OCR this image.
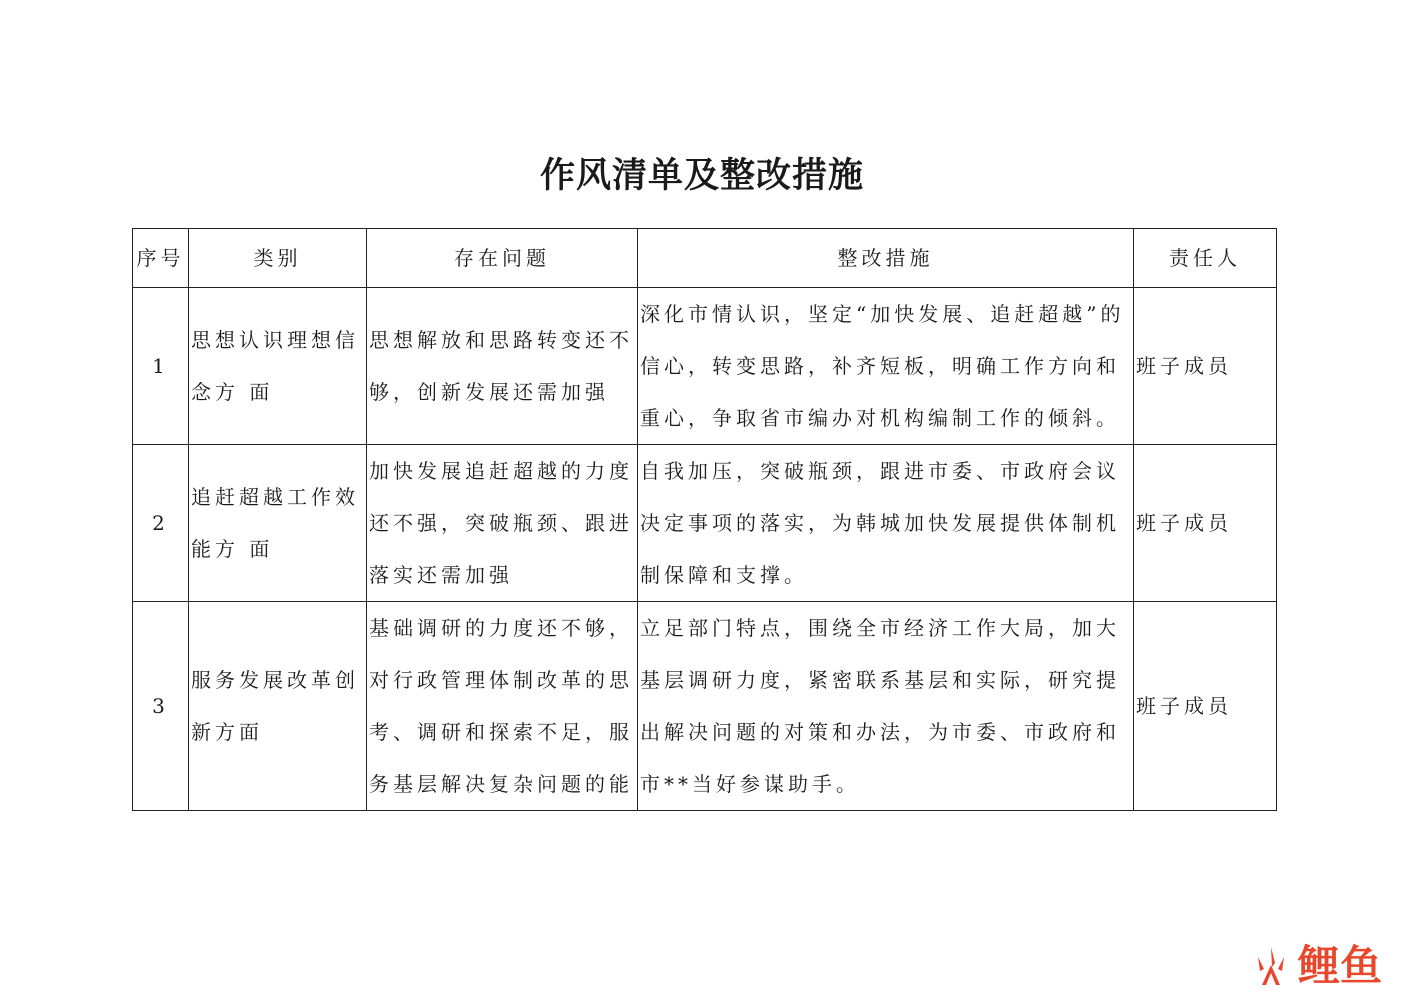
作风清单及整改措施
序号	类别	存在问题	整改措施	责任人
1	思想认识理想信念方 面	思想解放和思路转变还不够，创新发展还需加强	深化市情认识，坚定“加快发展、追赶超越”的信心，转变思路，补齐短板，明确工作方向和重心，争取省市编办对机构编制工作的倾斜。	班子成员
2	追赶超越工作效能方 面	加快发展追赶超越的力度还不强，突破瓶颈、跟进落实还需加强	自我加压，突破瓶颈，跟进市委、市政府会议决定事项的落实，为韩城加快发展提供体制机制保障和支撑。	班子成员
3	服务发展改革创新方面	基础调研的力度还不够，对行政管理体制改革的思考、调研和探索不足，服务基层解决复杂问题的能	立足部门特点，围绕全市经济工作大局，加大基层调研力度，紧密联系基层和实际，研究提出解决问题的对策和办法，为市委、市政府和市**当好参谋助手。	班子成员
鲤鱼
